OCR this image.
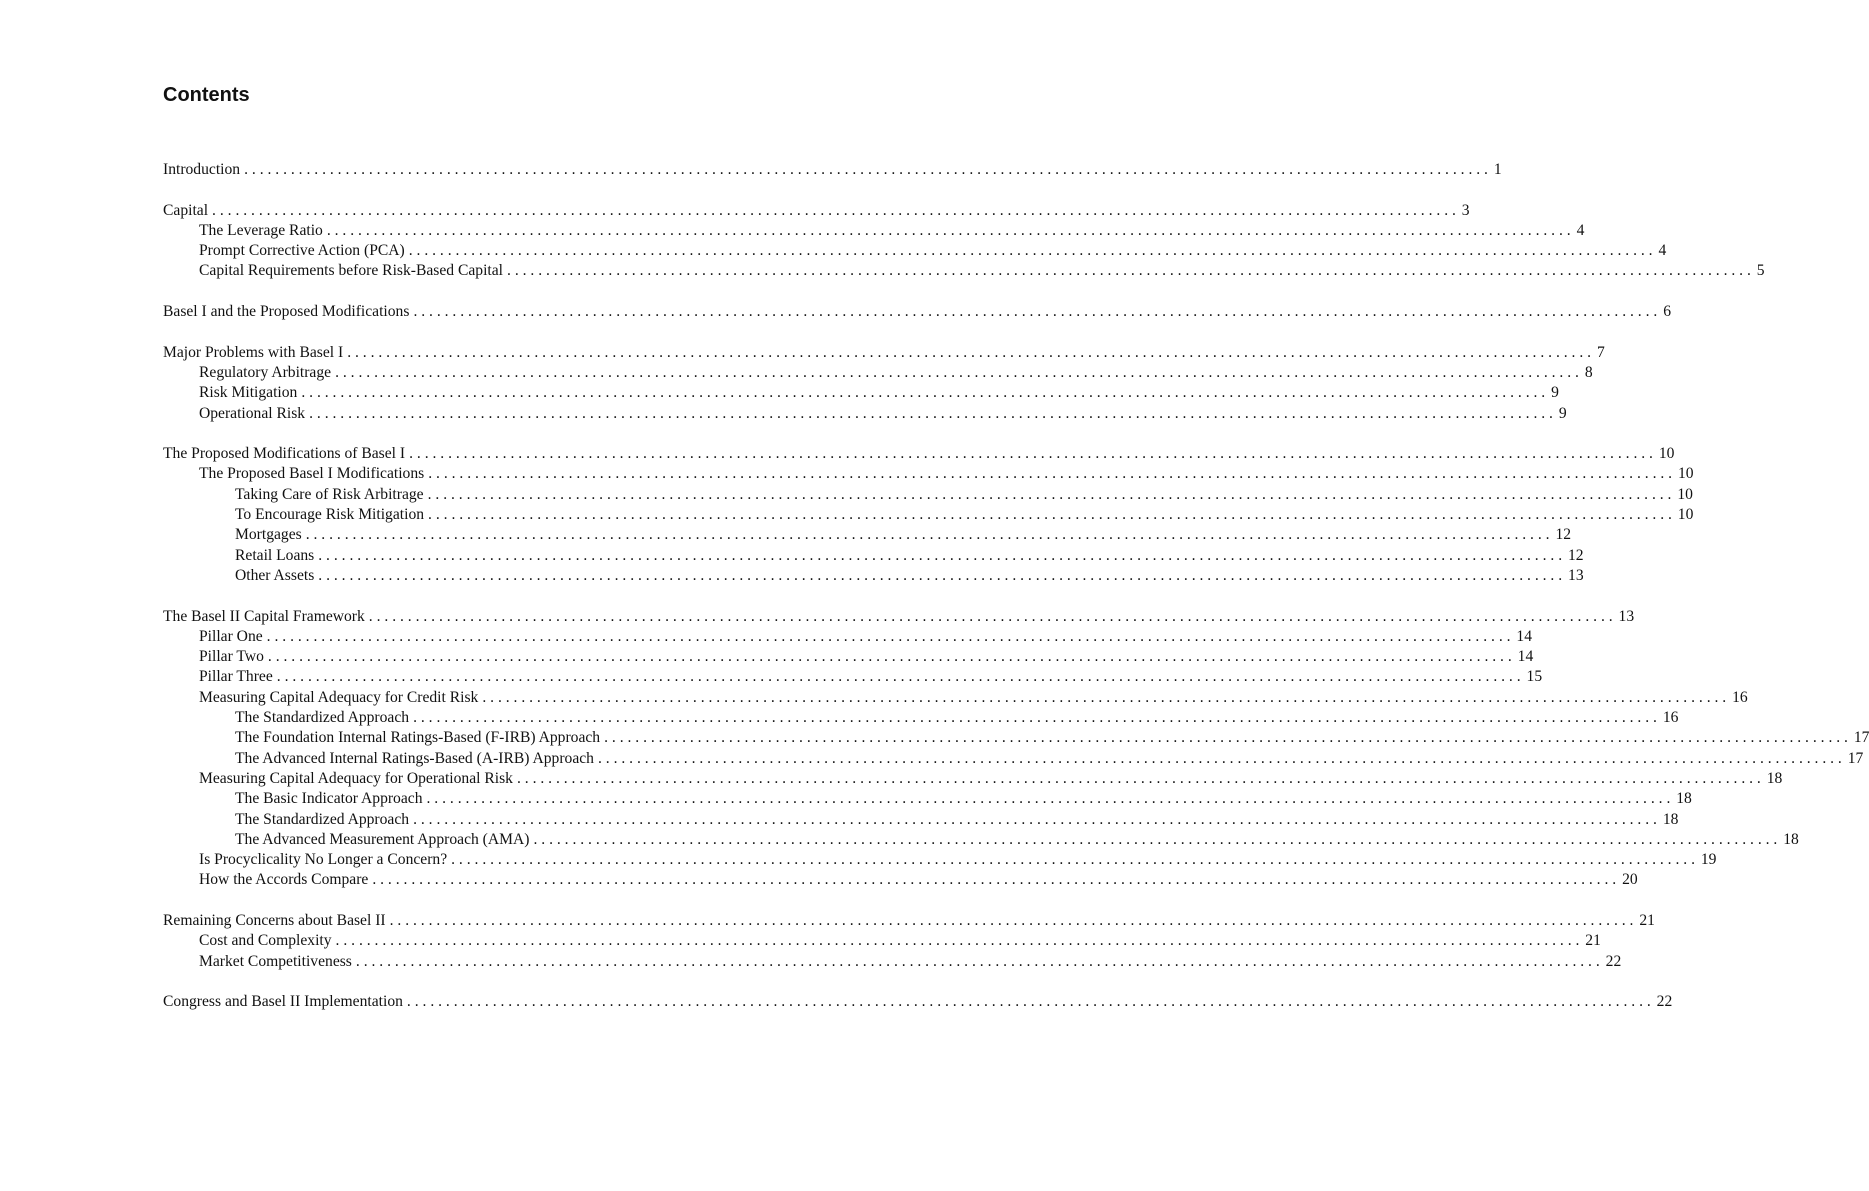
Contents
Introduction ................................................................................................................................................................ 1
Capital ................................................................................................................................................................ 3
The Leverage Ratio ................................................................................................................................................................ 4
Prompt Corrective Action (PCA) ................................................................................................................................................................ 4
Capital Requirements before Risk-Based Capital ................................................................................................................................................................ 5
Basel I and the Proposed Modifications ................................................................................................................................................................ 6
Major Problems with Basel I ................................................................................................................................................................ 7
Regulatory Arbitrage ................................................................................................................................................................ 8
Risk Mitigation ................................................................................................................................................................ 9
Operational Risk ................................................................................................................................................................ 9
The Proposed Modifications of Basel I ................................................................................................................................................................ 10
The Proposed Basel I Modifications ................................................................................................................................................................ 10
Taking Care of Risk Arbitrage ................................................................................................................................................................ 10
To Encourage Risk Mitigation ................................................................................................................................................................ 10
Mortgages ................................................................................................................................................................ 12
Retail Loans ................................................................................................................................................................ 12
Other Assets ................................................................................................................................................................ 13
The Basel II Capital Framework ................................................................................................................................................................ 13
Pillar One ................................................................................................................................................................ 14
Pillar Two ................................................................................................................................................................ 14
Pillar Three ................................................................................................................................................................ 15
Measuring Capital Adequacy for Credit Risk ................................................................................................................................................................ 16
The Standardized Approach ................................................................................................................................................................ 16
The Foundation Internal Ratings-Based (F-IRB) Approach ................................................................................................................................................................ 17
The Advanced Internal Ratings-Based (A-IRB) Approach ................................................................................................................................................................ 17
Measuring Capital Adequacy for Operational Risk ................................................................................................................................................................ 18
The Basic Indicator Approach ................................................................................................................................................................ 18
The Standardized Approach ................................................................................................................................................................ 18
The Advanced Measurement Approach (AMA) ................................................................................................................................................................ 18
Is Procyclicality No Longer a Concern? ................................................................................................................................................................ 19
How the Accords Compare ................................................................................................................................................................ 20
Remaining Concerns about Basel II ................................................................................................................................................................ 21
Cost and Complexity ................................................................................................................................................................ 21
Market Competitiveness ................................................................................................................................................................ 22
Congress and Basel II Implementation ................................................................................................................................................................ 22
